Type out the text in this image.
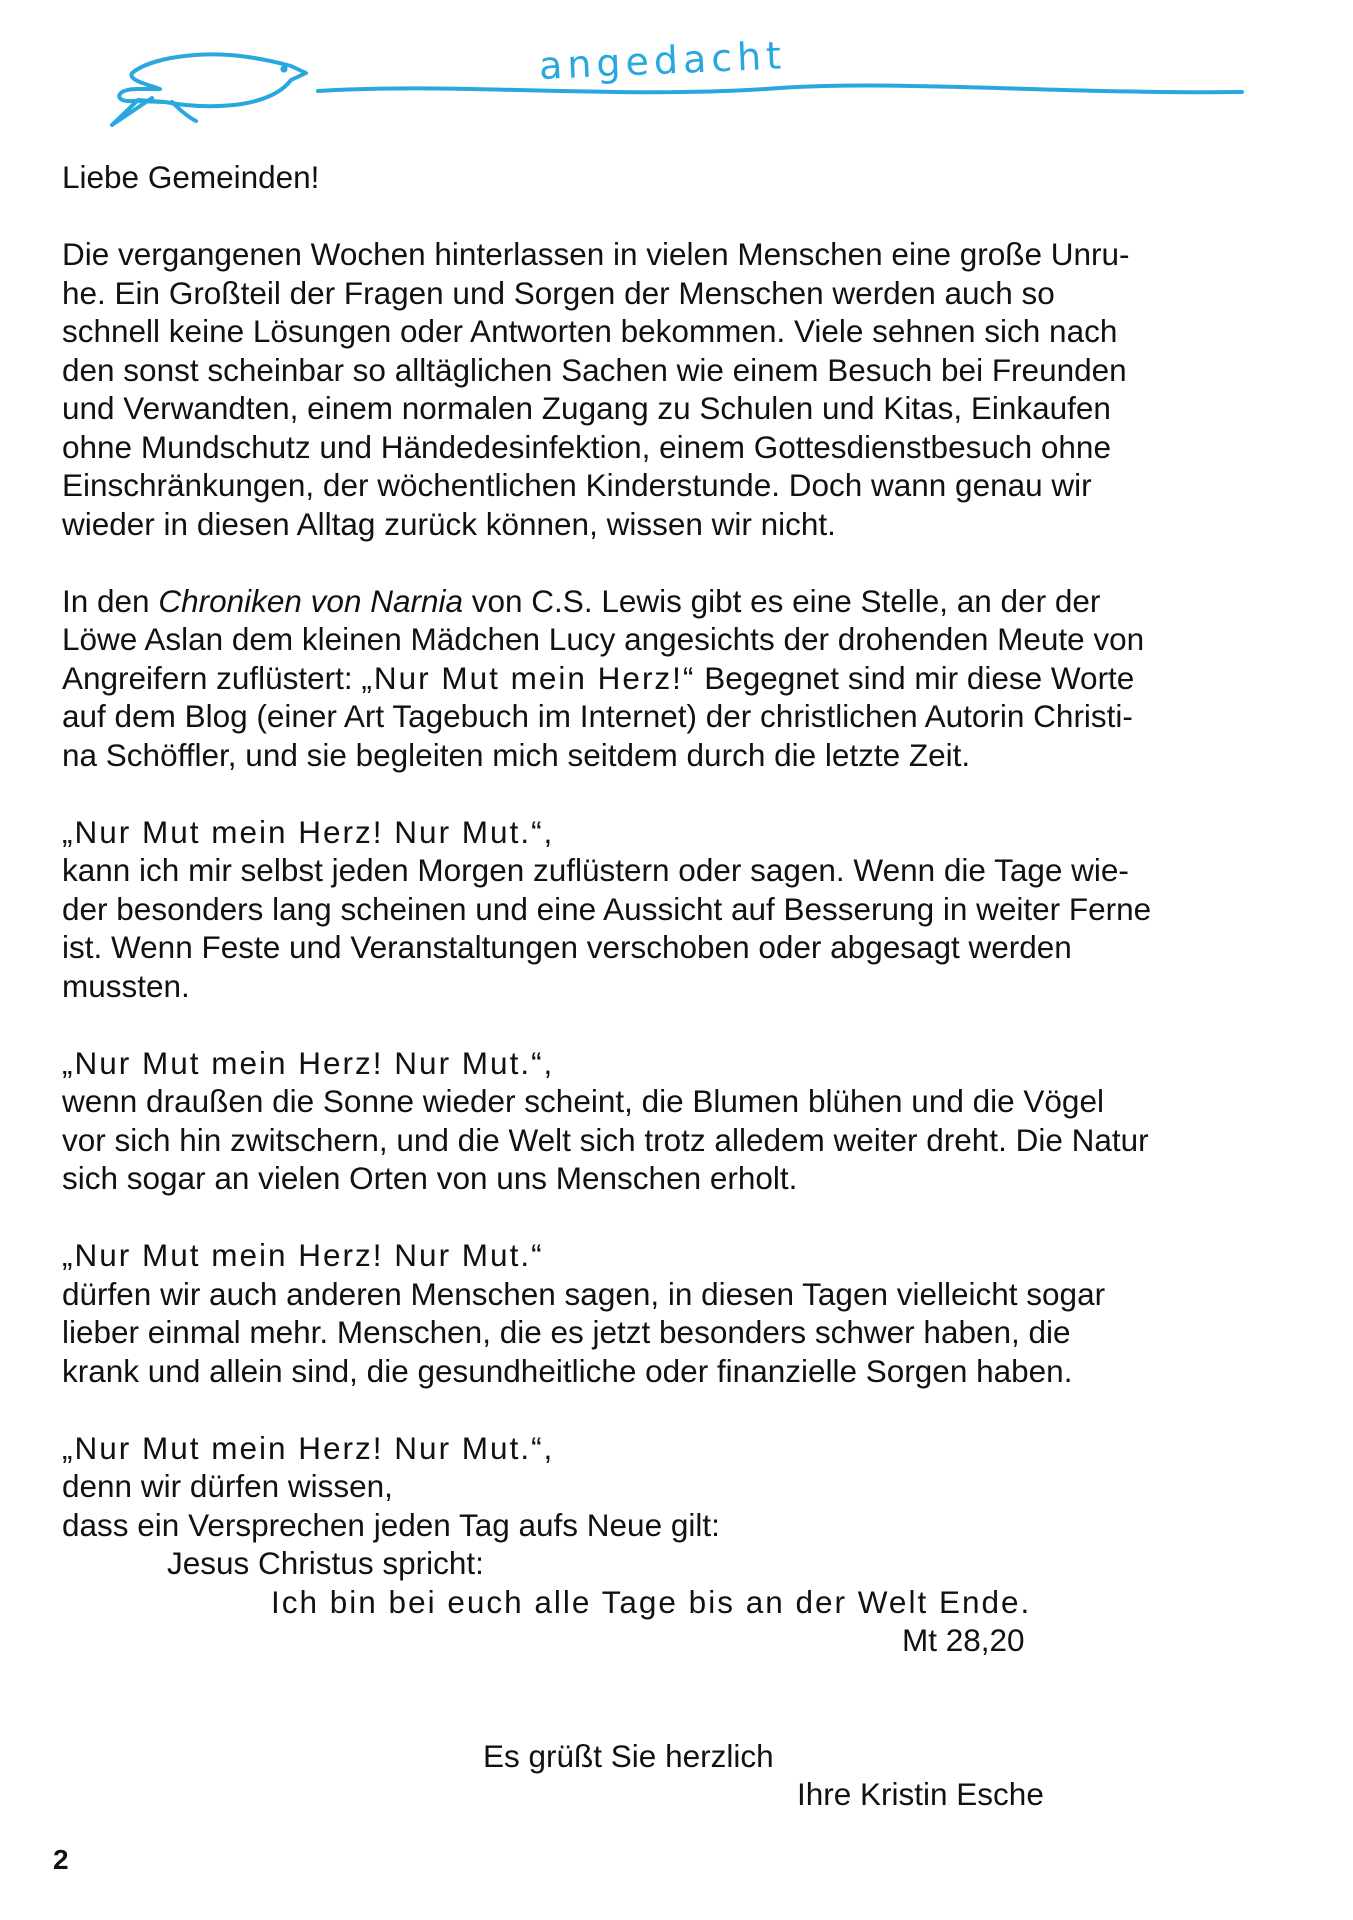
angedacht
Liebe Gemeinden!
Die vergangenen Wochen hinterlassen in vielen Menschen eine große Unru-
he. Ein Großteil der Fragen und Sorgen der Menschen werden auch so
schnell keine Lösungen oder Antworten bekommen. Viele sehnen sich nach
den sonst scheinbar so alltäglichen Sachen wie einem Besuch bei Freunden
und Verwandten, einem normalen Zugang zu Schulen und Kitas, Einkaufen
ohne Mundschutz und Händedesinfektion, einem Gottesdienstbesuch ohne
Einschränkungen, der wöchentlichen Kinderstunde. Doch wann genau wir
wieder in diesen Alltag zurück können, wissen wir nicht.
In den Chroniken von Narnia von C.S. Lewis gibt es eine Stelle, an der der
Löwe Aslan dem kleinen Mädchen Lucy angesichts der drohenden Meute von
Angreifern zuflüstert: „Nur Mut mein Herz!“ Begegnet sind mir diese Worte
auf dem Blog (einer Art Tagebuch im Internet) der christlichen Autorin Christi-
na Schöffler, und sie begleiten mich seitdem durch die letzte Zeit.
„Nur Mut mein Herz! Nur Mut.“,
kann ich mir selbst jeden Morgen zuflüstern oder sagen. Wenn die Tage wie-
der besonders lang scheinen und eine Aussicht auf Besserung in weiter Ferne
ist. Wenn Feste und Veranstaltungen verschoben oder abgesagt werden
mussten.
„Nur Mut mein Herz! Nur Mut.“,
wenn draußen die Sonne wieder scheint, die Blumen blühen und die Vögel
vor sich hin zwitschern, und die Welt sich trotz alledem weiter dreht. Die Natur
sich sogar an vielen Orten von uns Menschen erholt.
„Nur Mut mein Herz! Nur Mut.“
dürfen wir auch anderen Menschen sagen, in diesen Tagen vielleicht sogar
lieber einmal mehr. Menschen, die es jetzt besonders schwer haben, die
krank und allein sind, die gesundheitliche oder finanzielle Sorgen haben.
„Nur Mut mein Herz! Nur Mut.“,
denn wir dürfen wissen,
dass ein Versprechen jeden Tag aufs Neue gilt:
Jesus Christus spricht:
Ich bin bei euch alle Tage bis an der Welt Ende.
Mt 28,20
Es grüßt Sie herzlich
Ihre Kristin Esche
2
